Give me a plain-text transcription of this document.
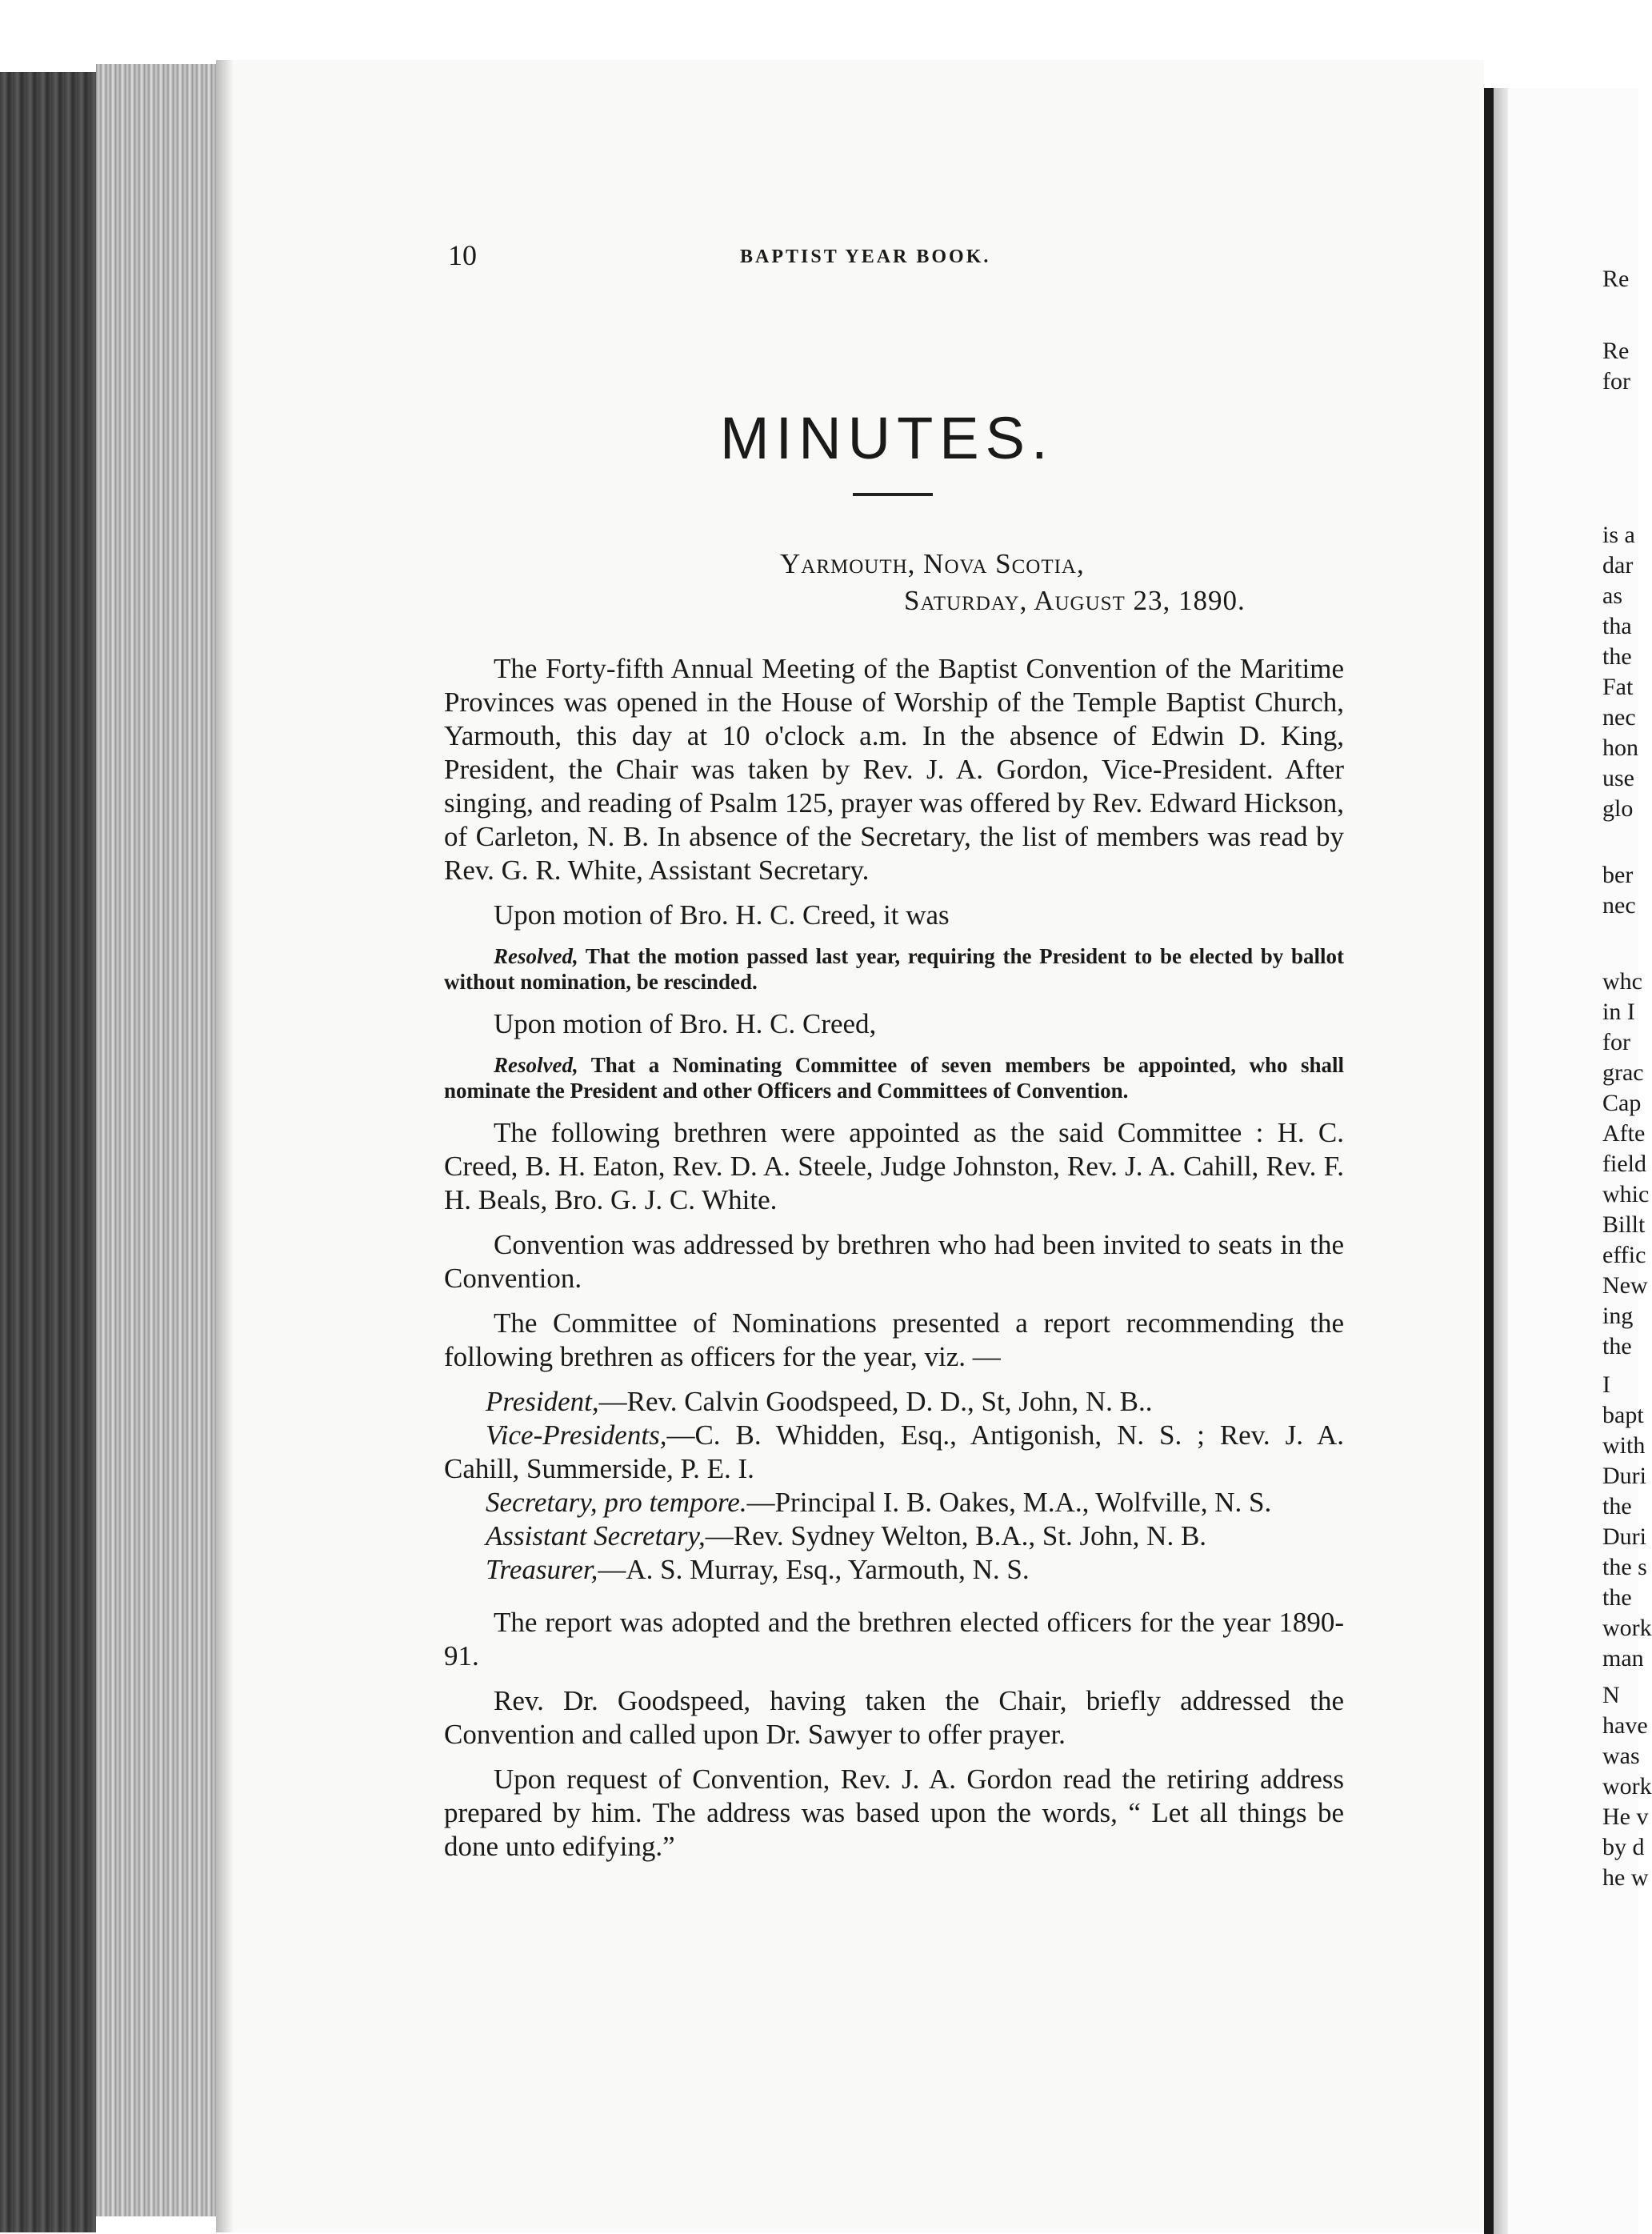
Re
Re
for
is a
dar
as
tha
the
Fat
nec
hon
use
glo
ber
nec
whc
in I
for
grac
Cap
Afte
field
whic
Billt
effic
New
ing
the
I
bapt
with
Duri
the
Duri
the s
the
work
man
N
have
was
work
He v
by d
he w
10	BAPTIST YEAR BOOK.
MINUTES.
Yarmouth, Nova Scotia,
Saturday, August 23, 1890.

The Forty-fifth Annual Meeting of the Baptist Convention of the Maritime Provinces was opened in the House of Worship of the Temple Baptist Church, Yarmouth, this day at 10 o'clock a.m. In the absence of Edwin D. King, President, the Chair was taken by Rev. J. A. Gordon, Vice-President. After singing, and reading of Psalm 125, prayer was offered by Rev. Edward Hickson, of Carleton, N. B. In absence of the Secretary, the list of members was read by Rev. G. R. White, Assistant Secretary.

Upon motion of Bro. H. C. Creed, it was

Resolved, That the motion passed last year, requiring the President to be elected by ballot without nomination, be rescinded.

Upon motion of Bro. H. C. Creed,

Resolved, That a Nominating Committee of seven members be appointed, who shall nominate the President and other Officers and Committees of Convention.

The following brethren were appointed as the said Committee : H. C. Creed, B. H. Eaton, Rev. D. A. Steele, Judge Johnston, Rev. J. A. Cahill, Rev. F. H. Beals, Bro. G. J. C. White.

Convention was addressed by brethren who had been invited to seats in the Convention.

The Committee of Nominations presented a report recommending the following brethren as officers for the year, viz. —

President,—Rev. Calvin Goodspeed, D. D., St, John, N. B..

Vice-Presidents,—C. B. Whidden, Esq., Antigonish, N. S. ; Rev. J. A. Cahill, Summerside, P. E. I.

Secretary, pro tempore.—Principal I. B. Oakes, M.A., Wolfville, N. S.

Assistant Secretary,—Rev. Sydney Welton, B.A., St. John, N. B.

Treasurer,—A. S. Murray, Esq., Yarmouth, N. S.

The report was adopted and the brethren elected officers for the year 1890-91.

Rev. Dr. Goodspeed, having taken the Chair, briefly addressed the Convention and called upon Dr. Sawyer to offer prayer.

Upon request of Convention, Rev. J. A. Gordon read the retiring address prepared by him. The address was based upon the words, “ Let all things be done unto edifying.”
